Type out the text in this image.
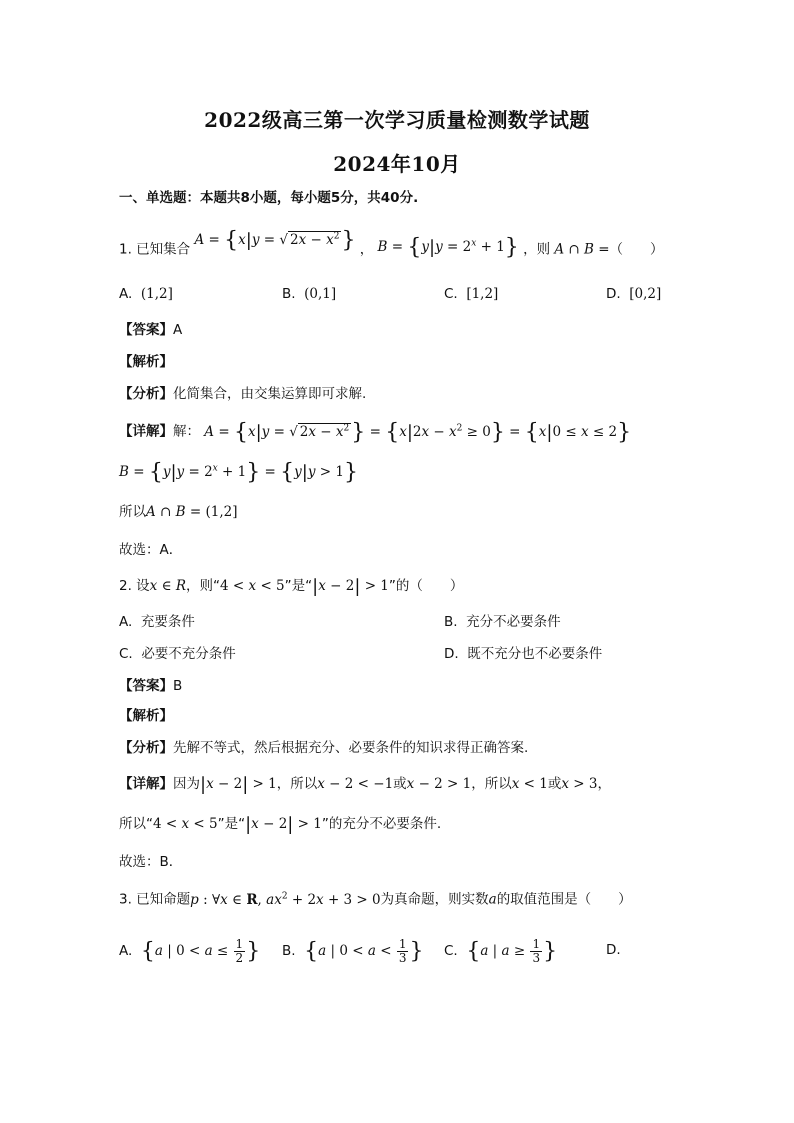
2022级高三第一次学习质量检测数学试题
2024年10月
一、单选题：本题共8小题，每小题5分，共40分.
1. 已知集合 A = {x|y = √ $2x - x^2$} ， $B = \{y|y = 2^x + 1\}$ ，则 A ∩ B =（　　）
A. (1,2]	B. (0,1]	C. [1,2]	D. [0,2]
【答案】A
【解析】
【分析】化简集合，由交集运算即可求解.
【详解】解： A = {x|y = √ $2x - x^2\} = \{x|2x - x^2 \ge 0\} = \{x|0 \le x \le 2\}$
$B = \{y|y = 2^x + 1\} = \{y|y > 1\}$
所以A ∩ B = (1,2]
故选：A．
2. 设x ∈ R，则“4 < x < 5”是“|x − 2| > 1”的（　　）
A. 充要条件	B. 充分不必要条件
C. 必要不充分条件	D. 既不充分也不必要条件
【答案】B
【解析】
【分析】先解不等式，然后根据充分、必要条件的知识求得正确答案.
【详解】因为|x − 2| > 1，所以x − 2 < −1或x − 2 > 1，所以x < 1或x > 3，
所以“4 < x < 5”是“|x − 2| > 1”的充分不必要条件.
故选：B．
3. 已知命题p : ∀x ∈ R, $ax^2 + 2x + 3 > 0$为真命题，则实数a的取值范围是（　　）
A. {a | $0 < a \le \frac{1}{2}$ } B. {a | $0 < a < \frac{1}{3}$ } C. {a | $a \ge \frac{1}{3}$ }	D.
